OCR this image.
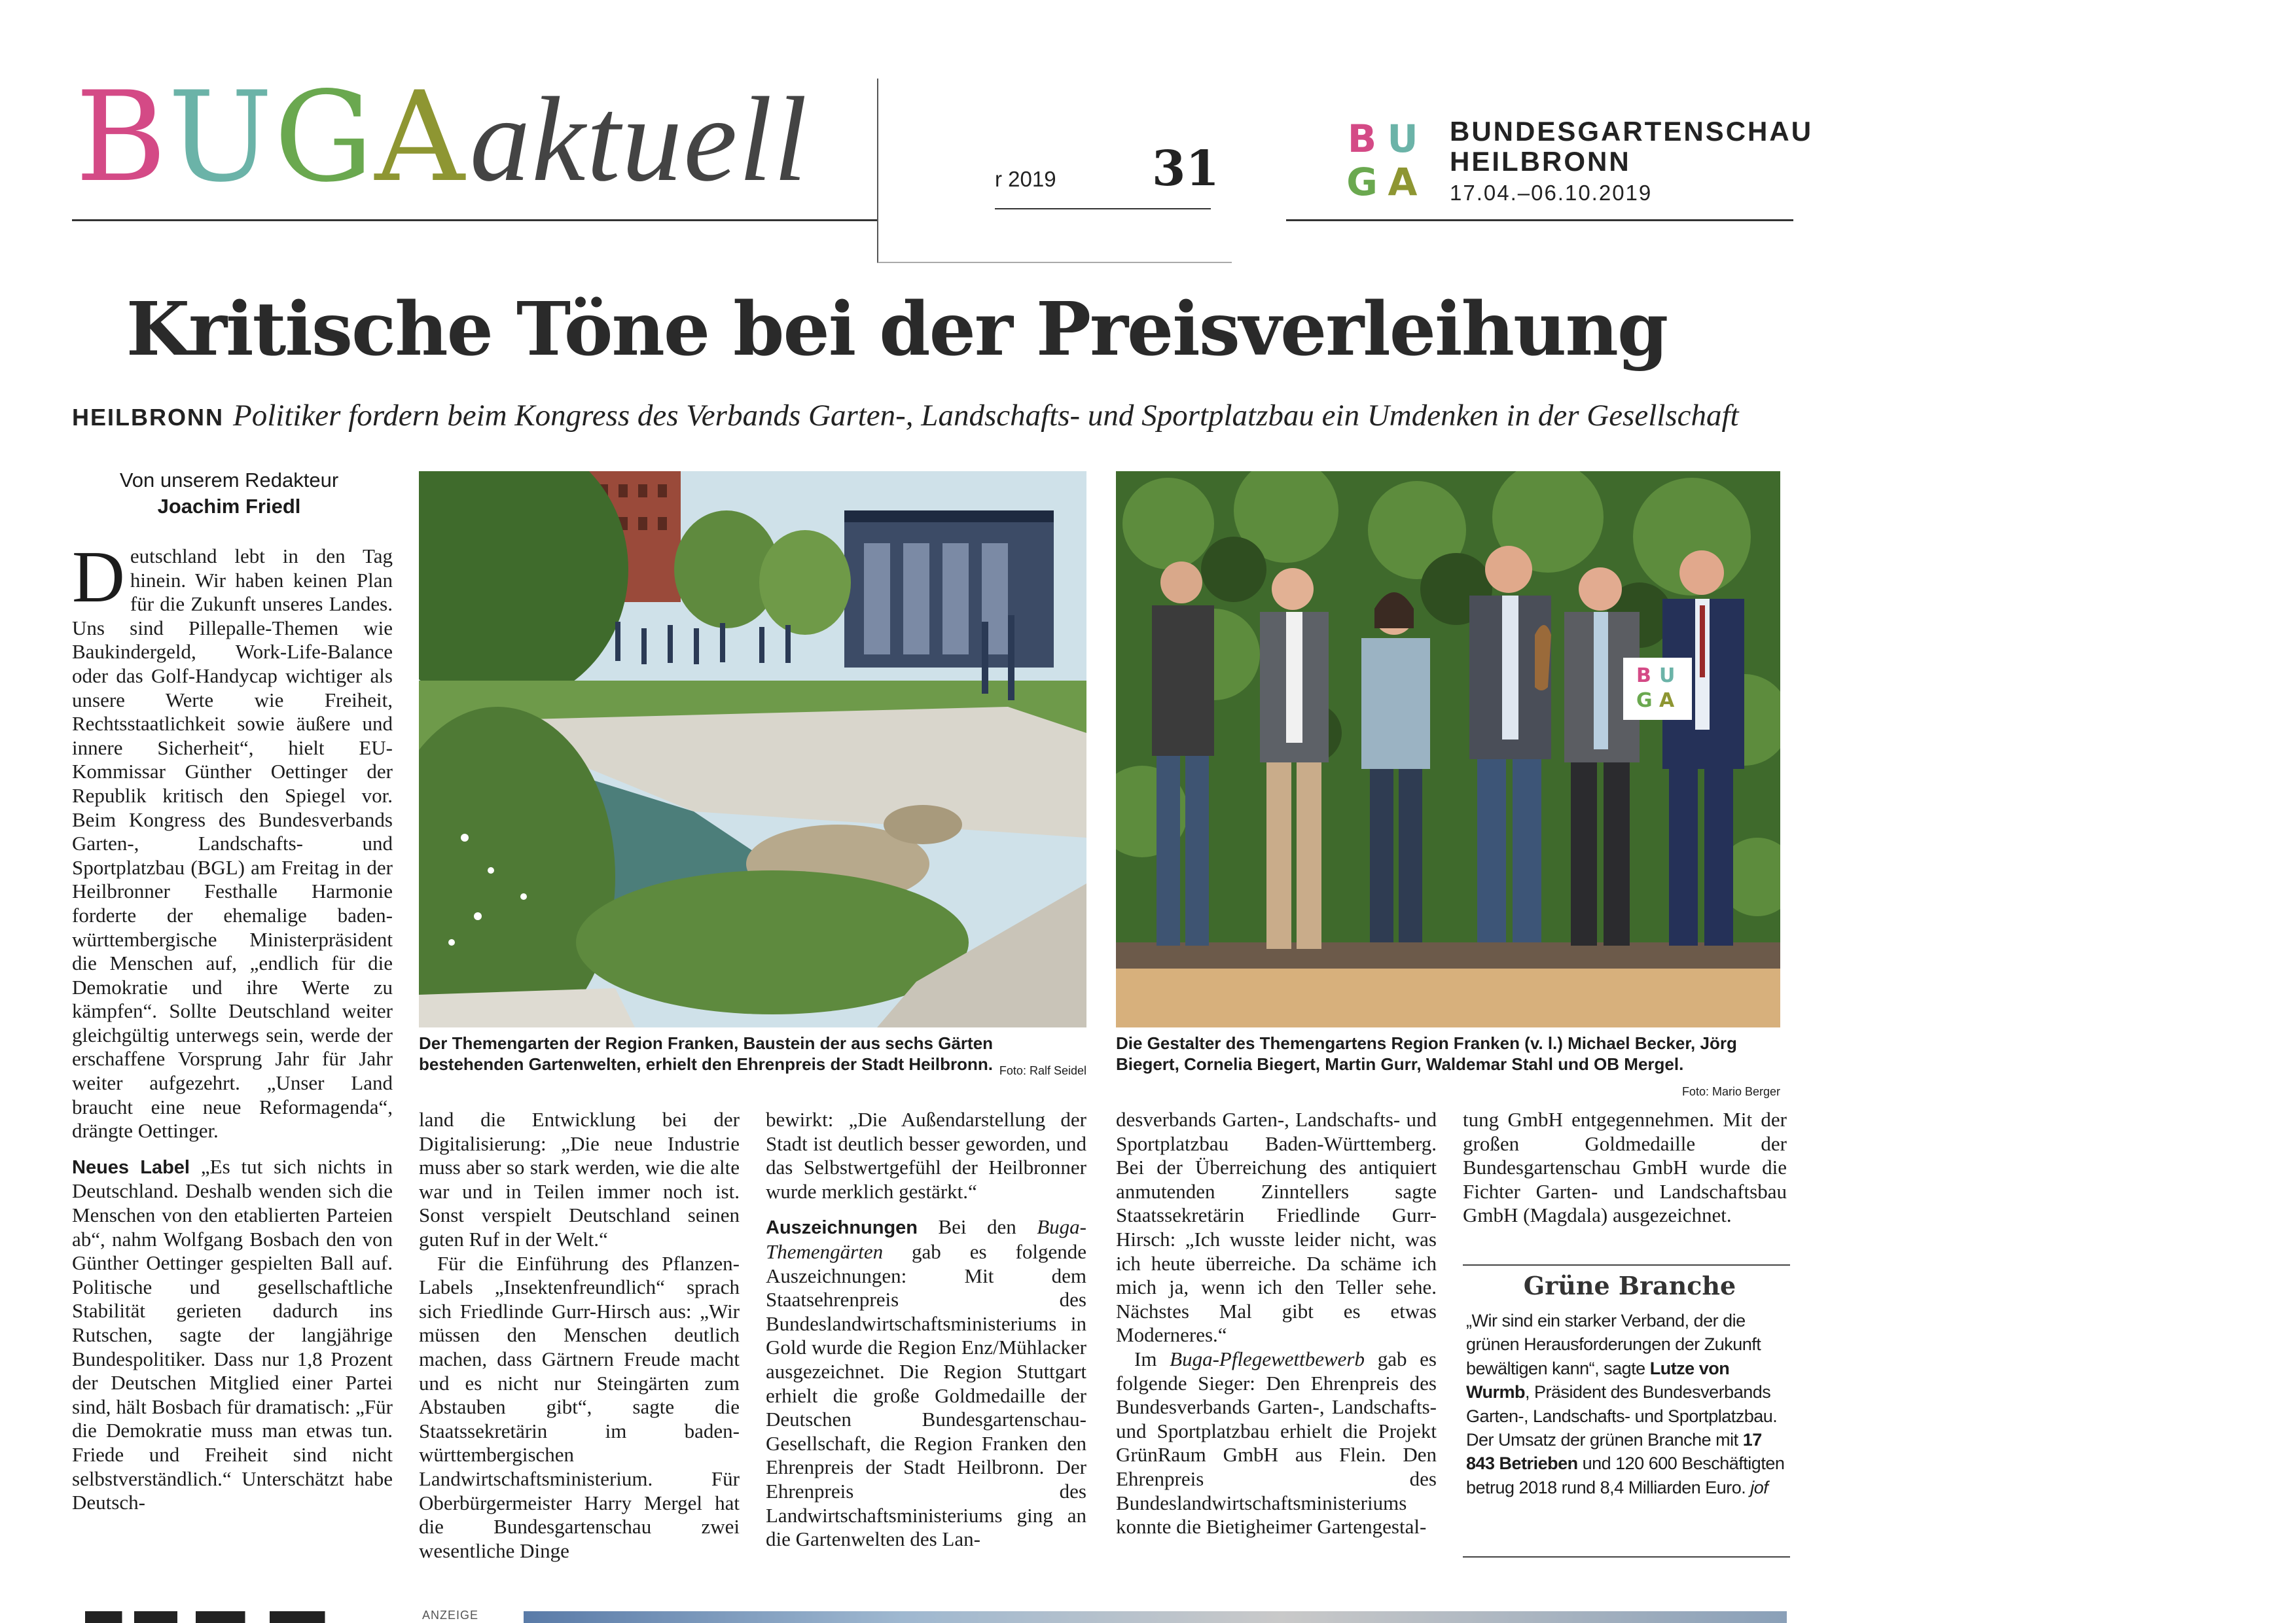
BUGAaktuell	r 2019 31
B U
G A
BUNDESGARTENSCHAU
HEILBRONN
17.04.–06.10.2019
Kritische Töne bei der Preisverleihung
HEILBRONN Politiker fordern beim Kongress des Verbands Garten-, Landschafts- und Sportplatzbau ein Umdenken in der Gesellschaft
Von unserem Redakteur
Joachim Friedl

Deutschland lebt in den Tag hinein. Wir haben keinen Plan für die Zukunft unseres Landes. Uns sind Pillepalle-Themen wie Baukindergeld, Work-Life-Balance oder das Golf-Handycap wichtiger als unsere Werte wie Freiheit, Rechtsstaatlichkeit sowie äußere und innere Sicherheit“, hielt EU-Kommissar Günther Oettinger der Republik kritisch den Spiegel vor. Beim Kongress des Bundesverbands Garten-, Landschafts- und Sportplatzbau (BGL) am Freitag in der Heilbronner Festhalle Harmonie forderte der ehemalige baden-württembergische Ministerpräsident die Menschen auf, „endlich für die Demokratie und ihre Werte zu kämpfen“. Sollte Deutschland weiter gleichgültig unterwegs sein, werde der erschaffene Vorsprung Jahr für Jahr weiter aufgezehrt. „Unser Land braucht eine neue Reformagenda“, drängte Oettinger.

Neues Label „Es tut sich nichts in Deutschland. Deshalb wenden sich die Menschen von den etablierten Parteien ab“, nahm Wolfgang Bosbach den von Günther Oettinger gespielten Ball auf. Politische und gesellschaftliche Stabilität gerieten dadurch ins Rutschen, sagte der langjährige Bundespolitiker. Dass nur 1,8 Prozent der Deutschen Mitglied einer Partei sind, hält Bosbach für dramatisch: „Für die Demokratie muss man etwas tun. Friede und Freiheit sind nicht selbstverständlich.“ Unterschätzt habe Deutsch-

Der Themengarten der Region Franken, Baustein der aus sechs Gärten bestehenden Gartenwelten, erhielt den Ehrenpreis der Stadt Heilbronn. Foto: Ralf Seidel
B U
G A
Die Gestalter des Themengartens Region Franken (v. l.) Michael Becker, Jörg Biegert, Cornelia Biegert, Martin Gurr, Waldemar Stahl und OB Mergel.
Foto: Mario Berger

land die Entwicklung bei der Digitalisierung: „Die neue Industrie muss aber so stark werden, wie die alte war und in Teilen immer noch ist. Sonst verspielt Deutschland seinen guten Ruf in der Welt.“

Für die Einführung des Pflanzen-Labels „Insektenfreundlich“ sprach sich Friedlinde Gurr-Hirsch aus: „Wir müssen den Menschen deutlich machen, dass Gärtnern Freude macht und es nicht nur Steingärten zum Abstauben gibt“, sagte die Staatssekretärin im baden-württembergischen Landwirtschaftsministerium. Für Oberbürgermeister Harry Mergel hat die Bundesgartenschau zwei wesentliche Dinge

bewirkt: „Die Außendarstellung der Stadt ist deutlich besser geworden, und das Selbstwertgefühl der Heilbronner wurde merklich gestärkt.“

Auszeichnungen Bei den Buga-Themengärten gab es folgende Auszeichnungen: Mit dem Staatsehrenpreis des Bundeslandwirtschaftsministeriums in Gold wurde die Region Enz/Mühlacker ausgezeichnet. Die Region Stuttgart erhielt die große Goldmedaille der Deutschen Bundesgartenschau-Gesellschaft, die Region Franken den Ehrenpreis der Stadt Heilbronn. Der Ehrenpreis des Landwirtschaftsministeriums ging an die Gartenwelten des Lan-

desverbands Garten-, Landschafts- und Sportplatzbau Baden-Württemberg. Bei der Überreichung des antiquiert anmutenden Zinntellers sagte Staatssekretärin Friedlinde Gurr-Hirsch: „Ich wusste leider nicht, was ich heute überreiche. Da schäme ich mich ja, wenn ich den Teller sehe. Nächstes Mal gibt es etwas Moderneres.“

Im Buga-Pflegewettbewerb gab es folgende Sieger: Den Ehrenpreis des Bundesverbands Garten-, Landschafts- und Sportplatzbau erhielt die Projekt GrünRaum GmbH aus Flein. Den Ehrenpreis des Bundeslandwirtschaftsministeriums konnte die Bietigheimer Gartengestal-

tung GmbH entgegennehmen. Mit der großen Goldmedaille der Bundesgartenschau GmbH wurde die Fichter Garten- und Landschaftsbau GmbH (Magdala) ausgezeichnet.

Grüne Branche
„Wir sind ein starker Verband, der die grünen Herausforderungen der Zukunft bewältigen kann“, sagte Lutze von Wurmb, Präsident des Bundesverbands Garten-, Landschafts- und Sportplatzbau. Der Umsatz der grünen Branche mit 17 843 Betrieben und 120 600 Beschäftigten betrug 2018 rund 8,4 Milliarden Euro. jof
ANZEIGE
